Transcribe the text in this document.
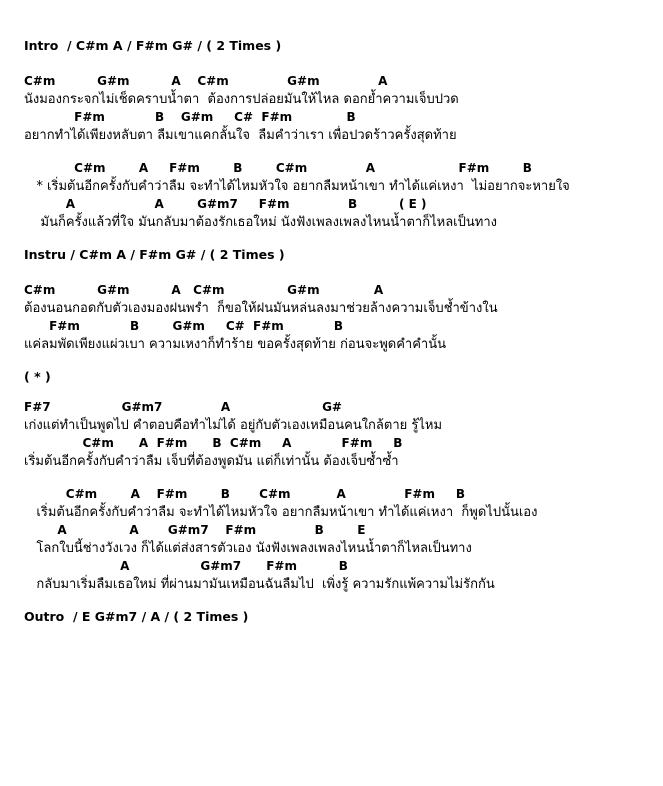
Intro  / C#m A / F#m G# / ( 2 Times )
C#m          G#m          A    C#m              G#m              A
นังมองกระจกไม่เช็ดคราบน้ำตา  ต้องการปล่อยมันให้ไหล ดอกย้ำความเจ็บปวด
F#m            B    G#m     C#  F#m             B
อยากทำได้เพียงหลับตา ลืมเขาแคกลั้นใจ  ลืมคำว่าเรา เพื่อปวดร้าวครั้งสุดท้าย
C#m        A     F#m        B        C#m              A                    F#m        B
* เริ่มต้นอีกครั้งกับคำว่าลืม จะทำได้ไหมหัวใจ อยากลืมหน้าเขา ทำได้แค่เหงา  ไม่อยากจะหายใจ
A                   A        G#m7     F#m              B          ( E )
มันก็ครั้งแล้วที่ใจ มันกลับมาต้องรักเธอใหม่ นังฟังเพลงเพลงไหนน้ำตาก็ไหลเป็นทาง
Instru / C#m A / F#m G# / ( 2 Times )
C#m          G#m          A   C#m               G#m             A
ต้องนอนกอดกับตัวเองมองฝนพรำ  ก็ขอให้ฝนมันหล่นลงมาช่วยล้างความเจ็บช้ำข้างใน
F#m            B        G#m     C#  F#m            B
แค่ลมพัดเพียงแผ่วเบา ความเหงาก็ทำร้าย ขอครั้งสุดท้าย ก่อนจะพูดคำคำนั้น
( * )
F#7                 G#m7              A                      G#
เก่งแต่ทำเป็นพูดไป คำตอบคือทำไม่ได้ อยู่กับตัวเองเหมือนคนใกล้ตาย รู้ไหม
C#m      A  F#m      B  C#m     A            F#m     B
เริ่มต้นอีกครั้งกับคำว่าลืม เจ็บที่ต้องพูดมัน แต่ก็เท่านั้น ต้องเจ็บซ้ำซ้ำ
C#m        A    F#m        B       C#m           A              F#m     B
เริ่มต้นอีกครั้งกับคำว่าลืม จะทำได้ไหมหัวใจ อยากลืมหน้าเขา ทำได้แค่เหงา  ก็พูดไปนั้นเอง
A               A       G#m7    F#m              B        E
โลกใบนี้ช่างวังเวง ก็ได้แต่ส่งสารตัวเอง นังฟังเพลงเพลงไหนน้ำตาก็ไหลเป็นทาง
A                 G#m7      F#m          B
กลับมาเริ่มลืมเธอใหม่ ที่ผ่านมามันเหมือนฉันลืมไป  เพิ่งรู้ ความรักแพ้ความไม่รักกัน
Outro  / E G#m7 / A / ( 2 Times )
